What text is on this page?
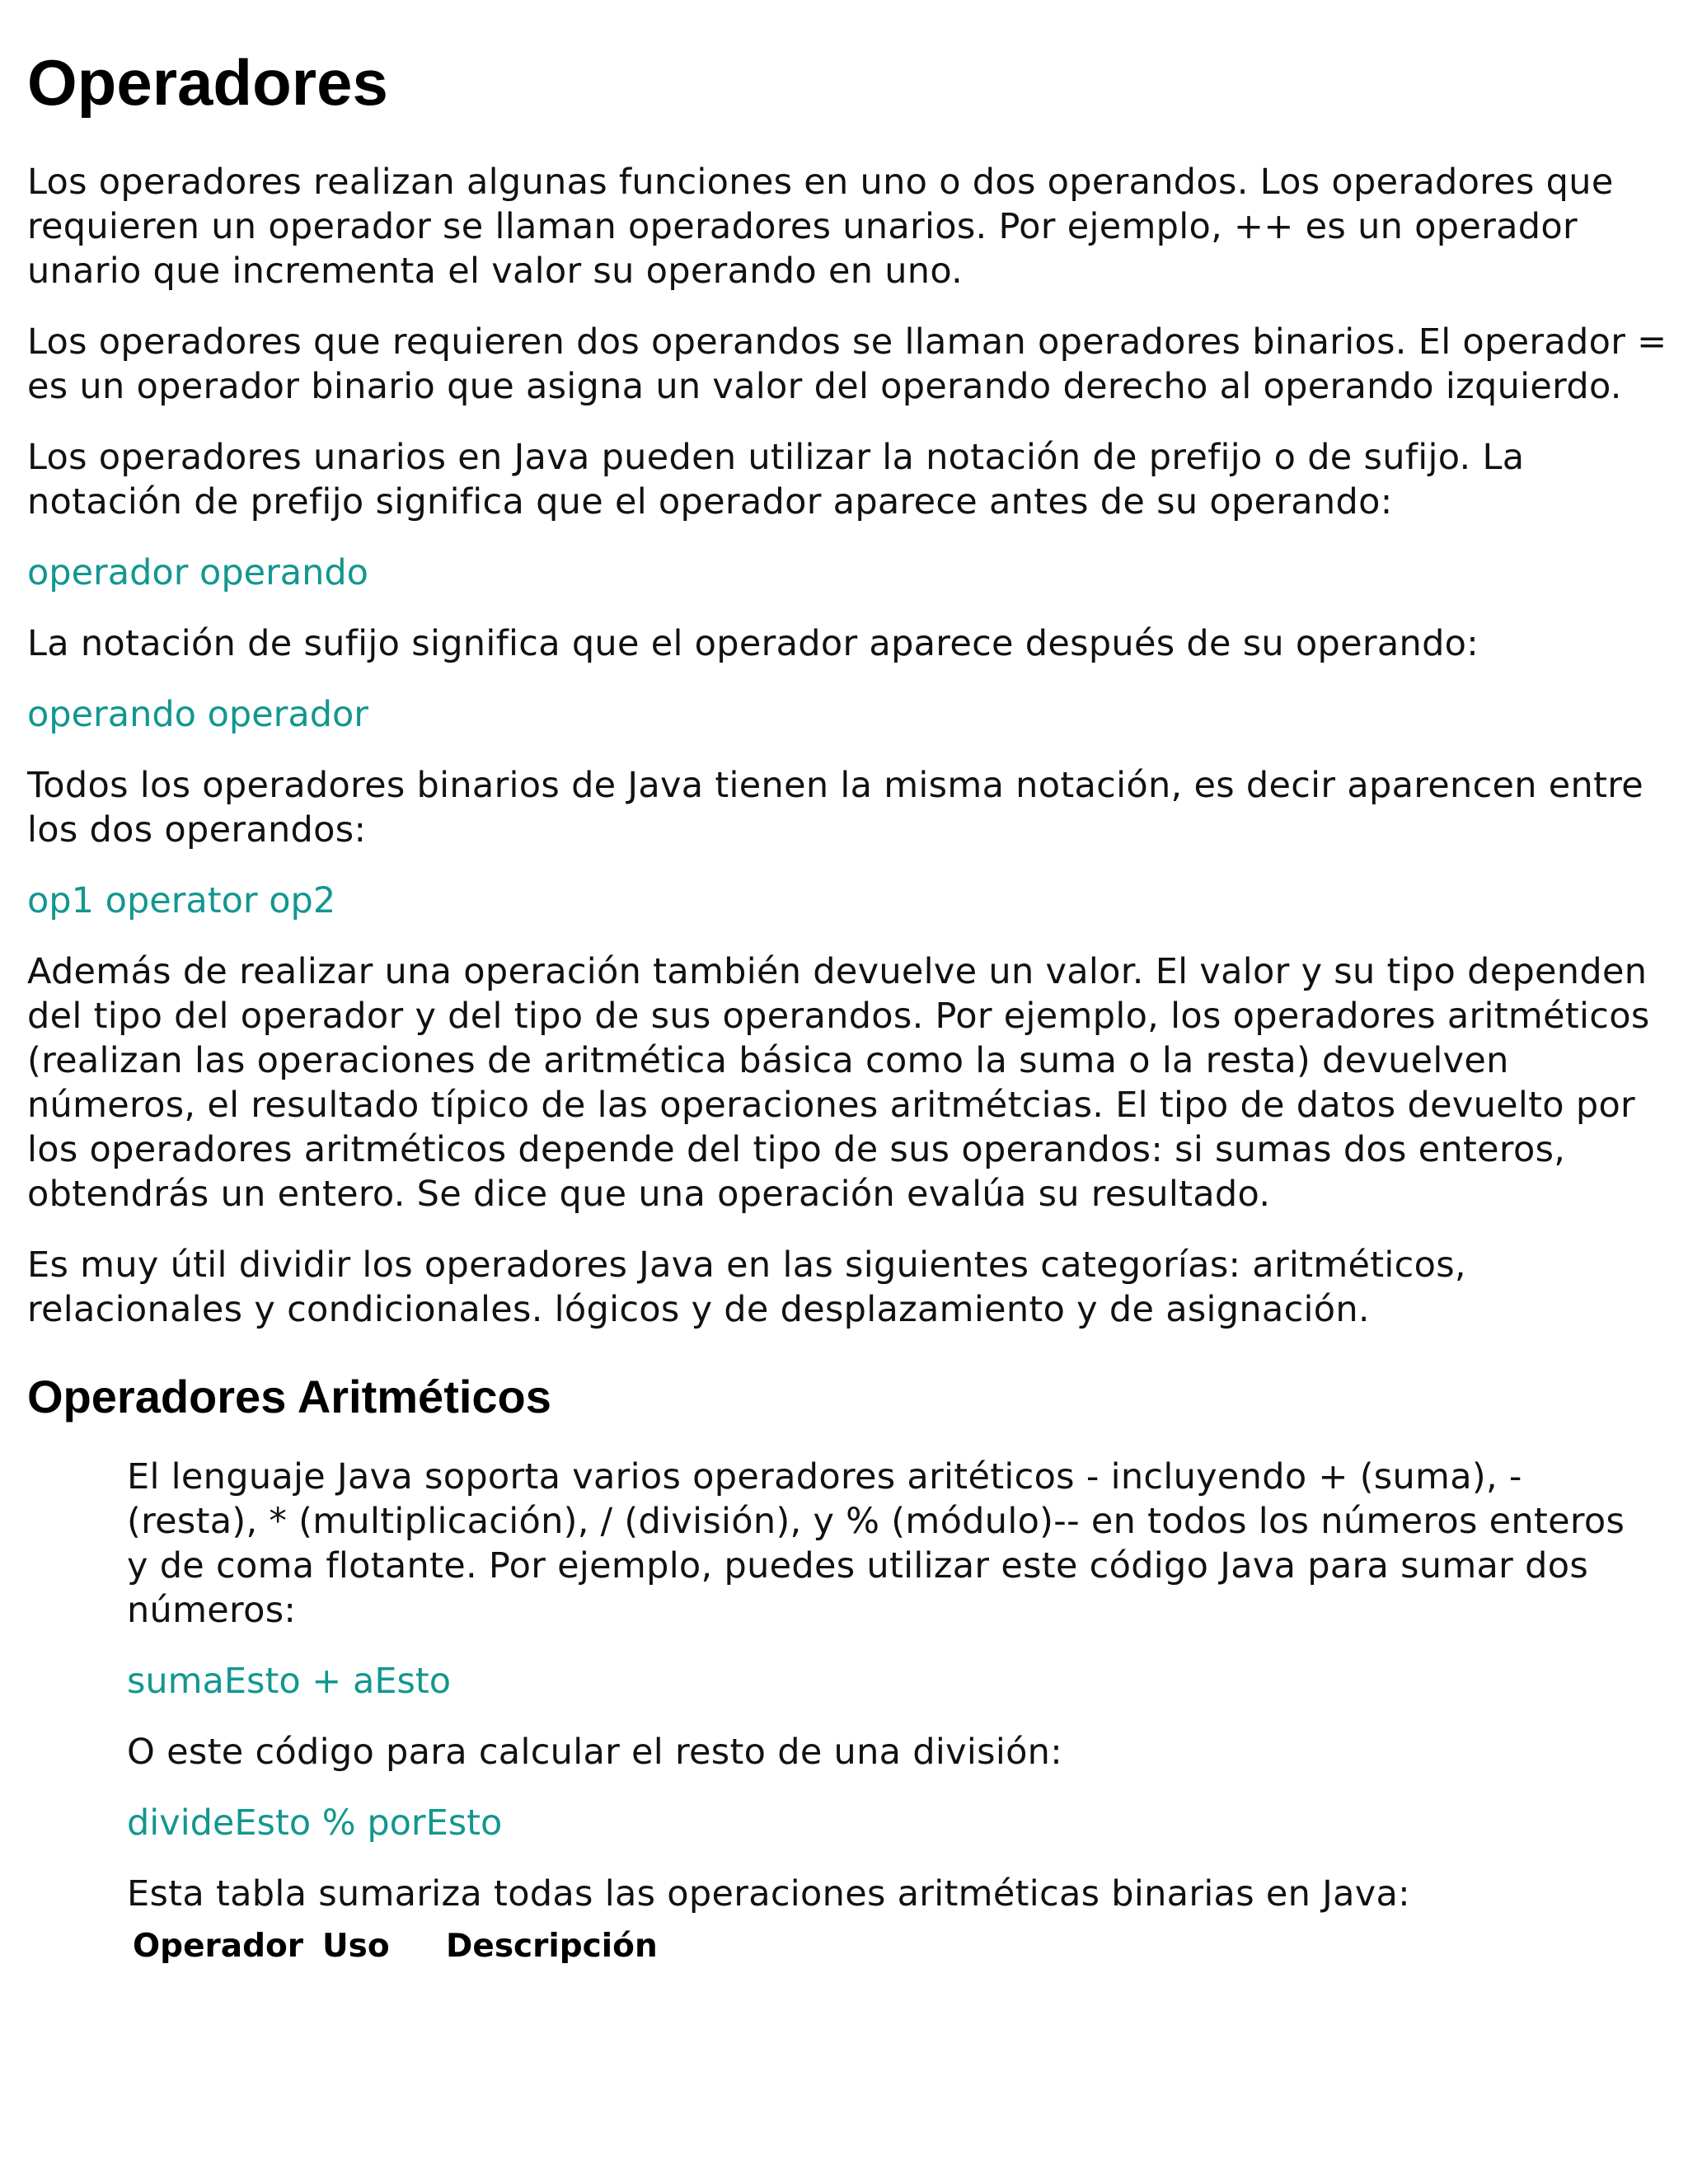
Operadores

Los operadores realizan algunas funciones en uno o dos operandos. Los operadores que requieren un operador se llaman operadores unarios. Por ejemplo, ++ es un operador unario que incrementa el valor su operando en uno.

Los operadores que requieren dos operandos se llaman operadores binarios. El operador = es un operador binario que asigna un valor del operando derecho al operando izquierdo.

Los operadores unarios en Java pueden utilizar la notación de prefijo o de sufijo. La notación de prefijo significa que el operador aparece antes de su operando:

operador operando

La notación de sufijo significa que el operador aparece después de su operando:

operando operador

Todos los operadores binarios de Java tienen la misma notación, es decir aparencen entre los dos operandos:

op1 operator op2

Además de realizar una operación también devuelve un valor. El valor y su tipo dependen del tipo del operador y del tipo de sus operandos. Por ejemplo, los operadores aritméticos (realizan las operaciones de aritmética básica como la suma o la resta) devuelven números, el resultado típico de las operaciones aritmétcias. El tipo de datos devuelto por los operadores aritméticos depende del tipo de sus operandos: si sumas dos enteros, obtendrás un entero. Se dice que una operación evalúa su resultado.

Es muy útil dividir los operadores Java en las siguientes categorías: aritméticos, relacionales y condicionales. lógicos y de desplazamiento y de asignación.

Operadores Aritméticos

El lenguaje Java soporta varios operadores aritéticos - incluyendo + (suma), - (resta), * (multiplicación), / (división), y % (módulo)-- en todos los números enteros y de coma flotante. Por ejemplo, puedes utilizar este código Java para sumar dos números:

sumaEsto + aEsto

O este código para calcular el resto de una división:

divideEsto % porEsto

Esta tabla sumariza todas las operaciones aritméticas binarias en Java:

Operador Uso	Descripción
